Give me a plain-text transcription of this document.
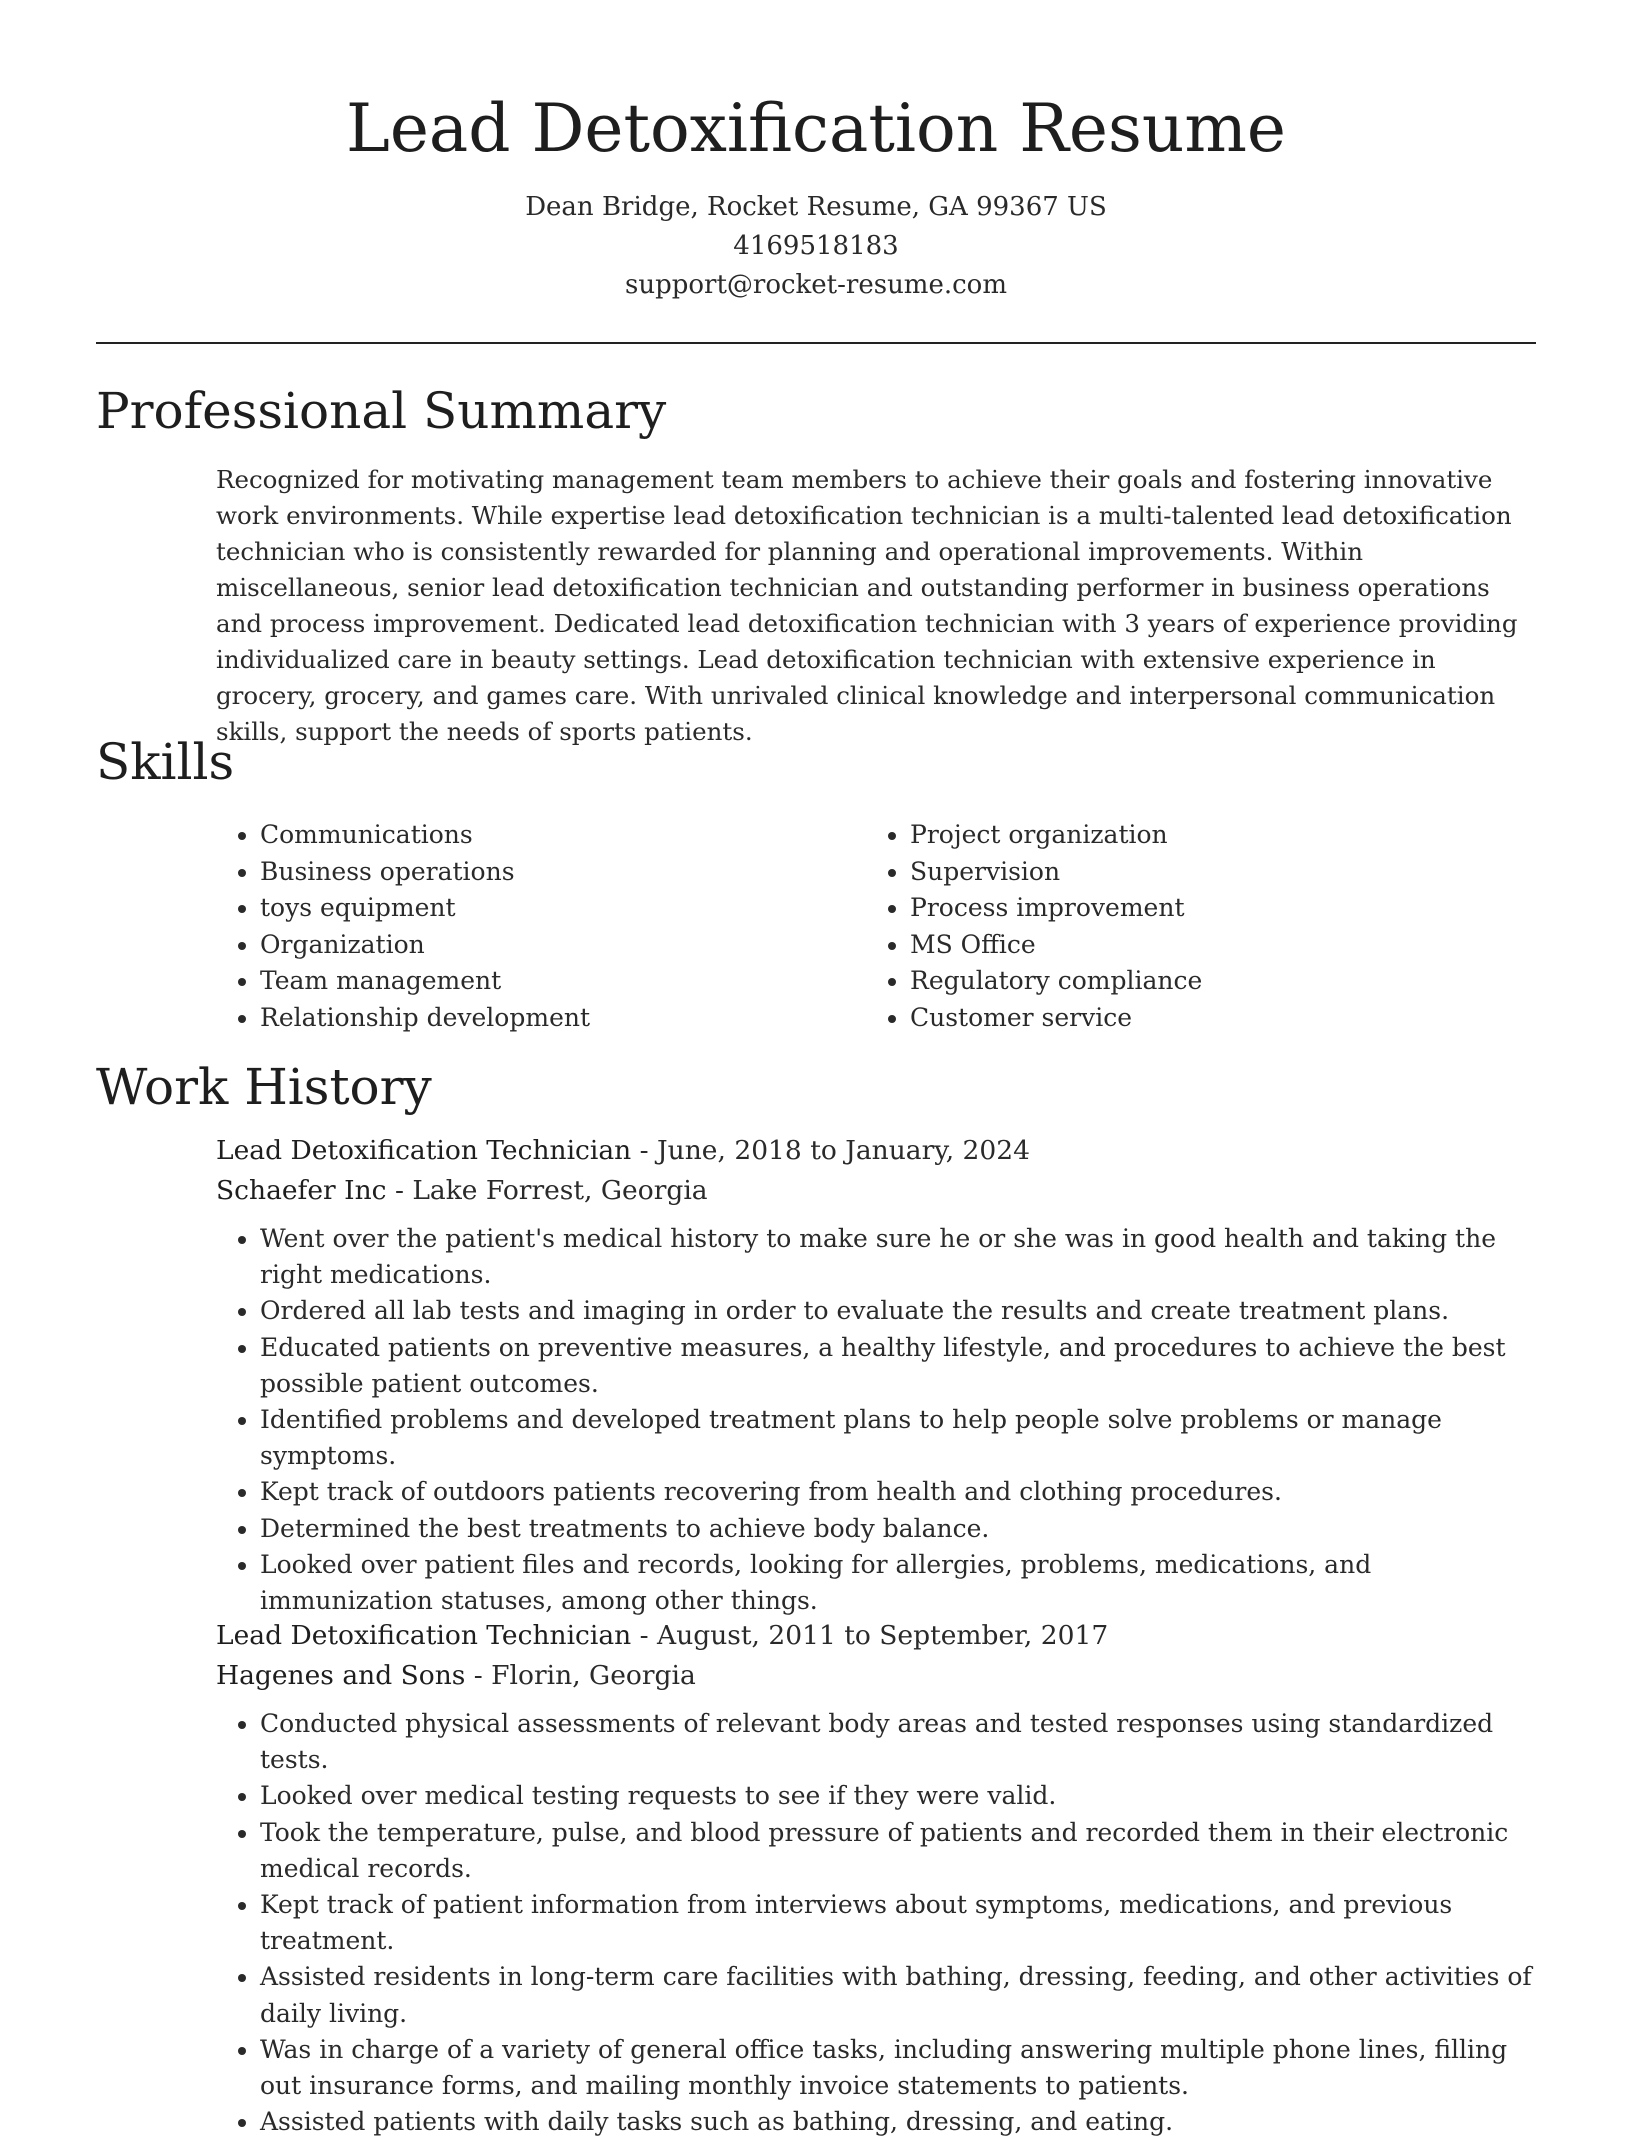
Lead Detoxification Resume
Dean Bridge, Rocket Resume, GA 99367 US
4169518183
support@rocket-resume.com
Professional Summary

Recognized for motivating management team members to achieve their goals and fostering innovative work environments. While expertise lead detoxification technician is a multi-talented lead detoxification technician who is consistently rewarded for planning and operational improvements. Within miscellaneous, senior lead detoxification technician and outstanding performer in business operations and process improvement. Dedicated lead detoxification technician with 3 years of experience providing individualized care in beauty settings. Lead detoxification technician with extensive experience in grocery, grocery, and games care. With unrivaled clinical knowledge and interpersonal communication skills, support the needs of sports patients.

Skills
• Communications
• Business operations
• toys equipment
• Organization
• Team management
• Relationship development
• Project organization
• Supervision
• Process improvement
• MS Office
• Regulatory compliance
• Customer service
Work History
Lead Detoxification Technician - June, 2018 to January, 2024
Schaefer Inc - Lake Forrest, Georgia
• Went over the patient's medical history to make sure he or she was in good health and taking the right medications.
• Ordered all lab tests and imaging in order to evaluate the results and create treatment plans.
• Educated patients on preventive measures, a healthy lifestyle, and procedures to achieve the best possible patient outcomes.
• Identified problems and developed treatment plans to help people solve problems or manage symptoms.
• Kept track of outdoors patients recovering from health and clothing procedures.
• Determined the best treatments to achieve body balance.
• Looked over patient files and records, looking for allergies, problems, medications, and immunization statuses, among other things.
Lead Detoxification Technician - August, 2011 to September, 2017
Hagenes and Sons - Florin, Georgia
• Conducted physical assessments of relevant body areas and tested responses using standardized tests.
• Looked over medical testing requests to see if they were valid.
• Took the temperature, pulse, and blood pressure of patients and recorded them in their electronic medical records.
• Kept track of patient information from interviews about symptoms, medications, and previous treatment.
• Assisted residents in long-term care facilities with bathing, dressing, feeding, and other activities of daily living.
• Was in charge of a variety of general office tasks, including answering multiple phone lines, filling out insurance forms, and mailing monthly invoice statements to patients.
• Assisted patients with daily tasks such as bathing, dressing, and eating.
